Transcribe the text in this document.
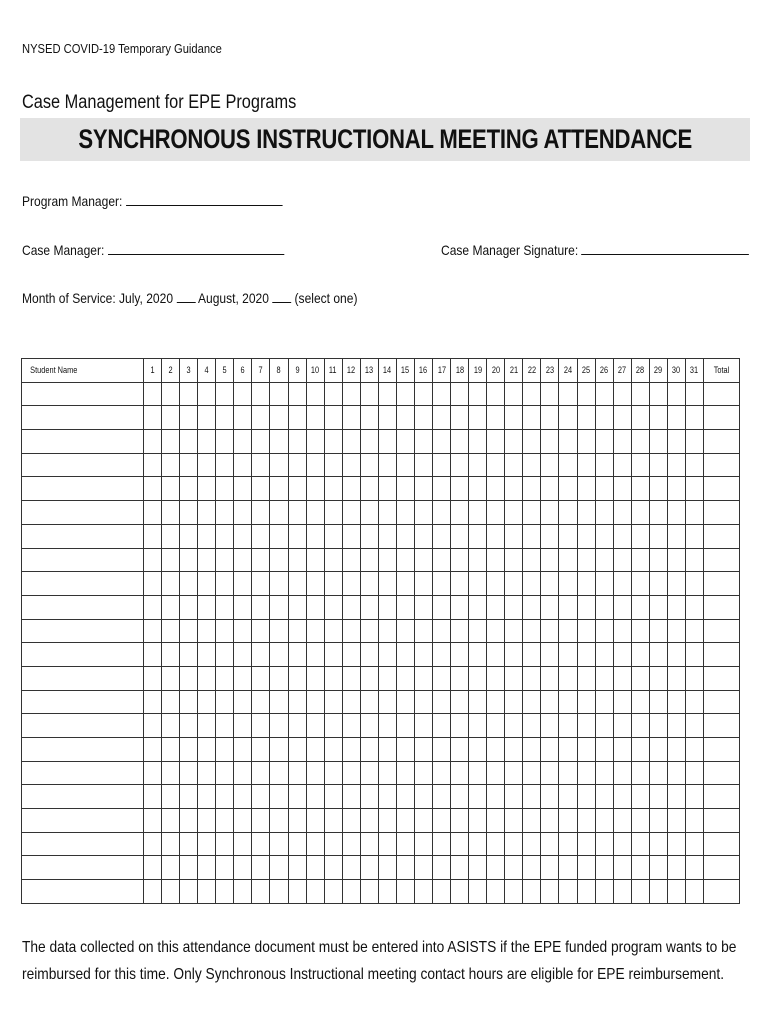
NYSED COVID-19 Temporary Guidance
Case Management for EPE Programs
SYNCHRONOUS INSTRUCTIONAL MEETING ATTENDANCE
Program Manager:
Case Manager:	Case Manager Signature:
Month of Service: July, 2020 August, 2020 (select one)
Student Name	1	2	3	4	5	6	7	8	9	10	11	12	13	14	15	16	17	18	19	20	21	22	23	24	25	26	27	28	29	30	31	Total

The data collected on this attendance document must be entered into ASISTS if the EPE funded program wants to be reimbursed for this time. Only Synchronous Instructional meeting contact hours are eligible for EPE reimbursement.
